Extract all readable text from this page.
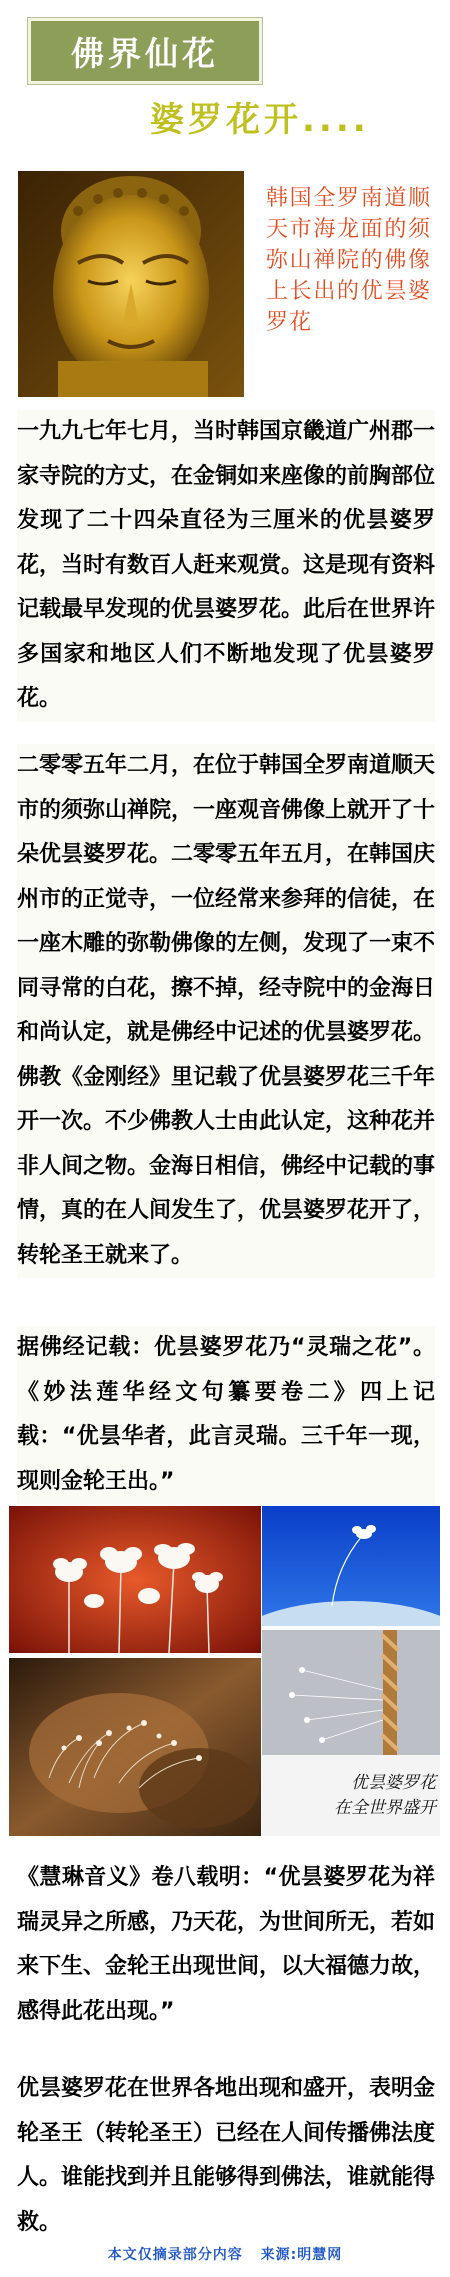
佛界仙花
婆罗花开....
韩国全罗南道顺天市海龙面的须弥山禅院的佛像上长出的优昙婆罗花
一九九七年七月，当时韩国京畿道广州郡一家寺院的方丈，在金铜如来座像的前胸部位发现了二十四朵直径为三厘米的优昙婆罗花，当时有数百人赶来观赏。这是现有资料记载最早发现的优昙婆罗花。此后在世界许多国家和地区人们不断地发现了优昙婆罗花。
二零零五年二月，在位于韩国全罗南道顺天市的须弥山禅院，一座观音佛像上就开了十朵优昙婆罗花。二零零五年五月，在韩国庆州市的正觉寺，一位经常来参拜的信徒，在一座木雕的弥勒佛像的左侧，发现了一束不同寻常的白花，擦不掉，经寺院中的金海日和尚认定，就是佛经中记述的优昙婆罗花。佛教《金刚经》里记载了优昙婆罗花三千年开一次。不少佛教人士由此认定，这种花并非人间之物。金海日相信，佛经中记载的事情，真的在人间发生了，优昙婆罗花开了，转轮圣王就来了。
据佛经记载：优昙婆罗花乃“灵瑞之花”。《妙法莲华经文句纂要卷二》四上记载：“优昙华者，此言灵瑞。三千年一现，现则金轮王出。”
优昙婆罗花
在全世界盛开
《慧琳音义》卷八载明：“优昙婆罗花为祥瑞灵异之所感，乃天花，为世间所无，若如来下生、金轮王出现世间，以大福德力故，感得此花出现。”
优昙婆罗花在世界各地出现和盛开，表明金轮圣王（转轮圣王）已经在人间传播佛法度人。谁能找到并且能够得到佛法，谁就能得救。
本文仅摘录部分内容 来源:明慧网
